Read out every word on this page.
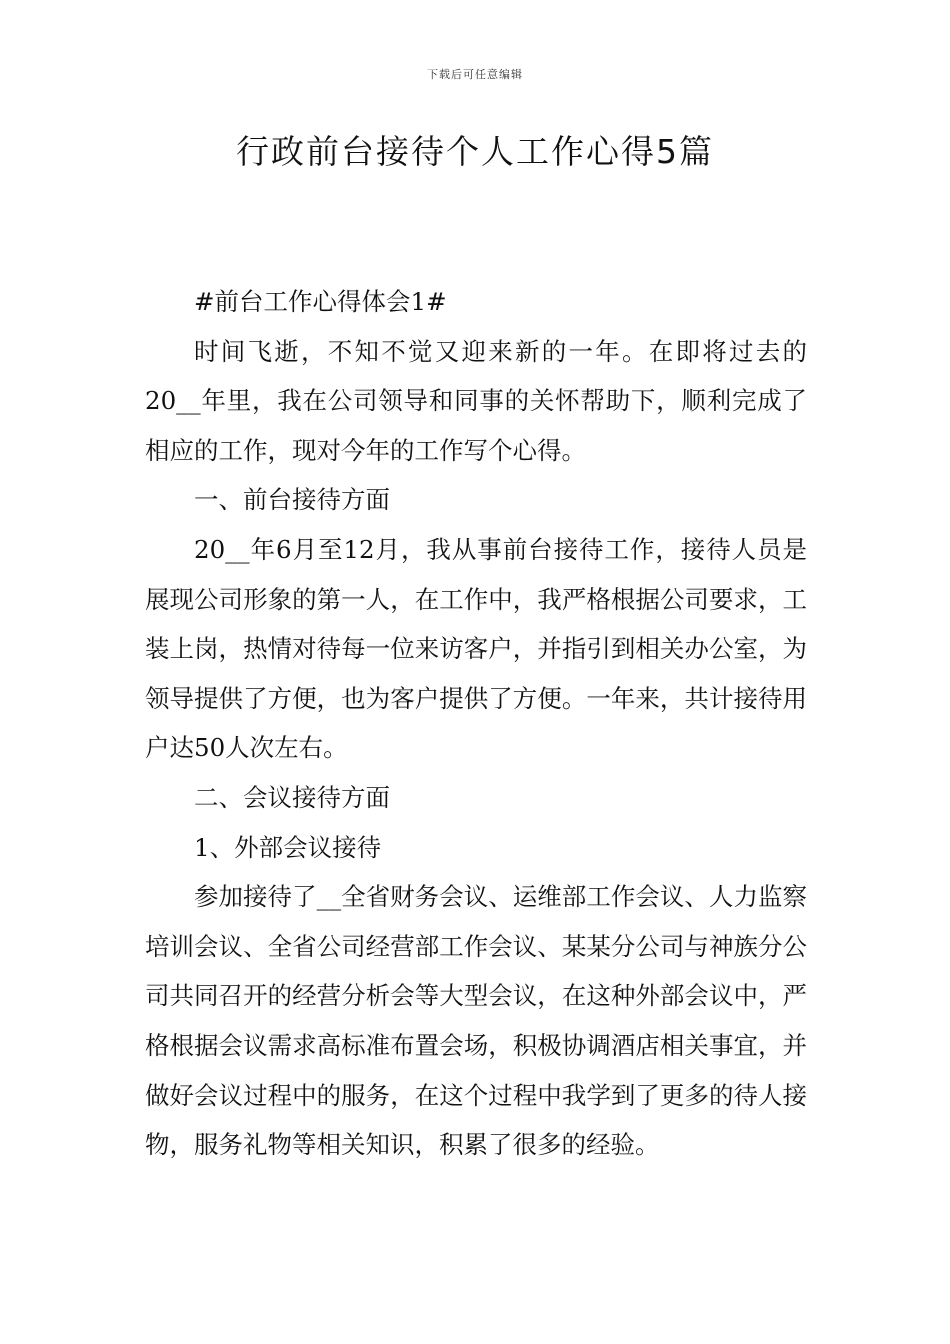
下载后可任意编辑
行政前台接待个人工作心得5篇

#前台工作心得体会1#

时间飞逝，不知不觉又迎来新的一年。在即将过去的20__年里，我在公司领导和同事的关怀帮助下，顺利完成了相应的工作，现对今年的工作写个心得。

一、前台接待方面

20__年6月至12月，我从事前台接待工作，接待人员是展现公司形象的第一人，在工作中，我严格根据公司要求，工装上岗，热情对待每一位来访客户，并指引到相关办公室，为领导提供了方便，也为客户提供了方便。一年来，共计接待用户达50人次左右。

二、会议接待方面

1、外部会议接待

参加接待了__全省财务会议、运维部工作会议、人力监察培训会议、全省公司经营部工作会议、某某分公司与神族分公司共同召开的经营分析会等大型会议，在这种外部会议中，严格根据会议需求高标准布置会场，积极协调酒店相关事宜，并做好会议过程中的服务，在这个过程中我学到了更多的待人接物，服务礼物等相关知识，积累了很多的经验。
